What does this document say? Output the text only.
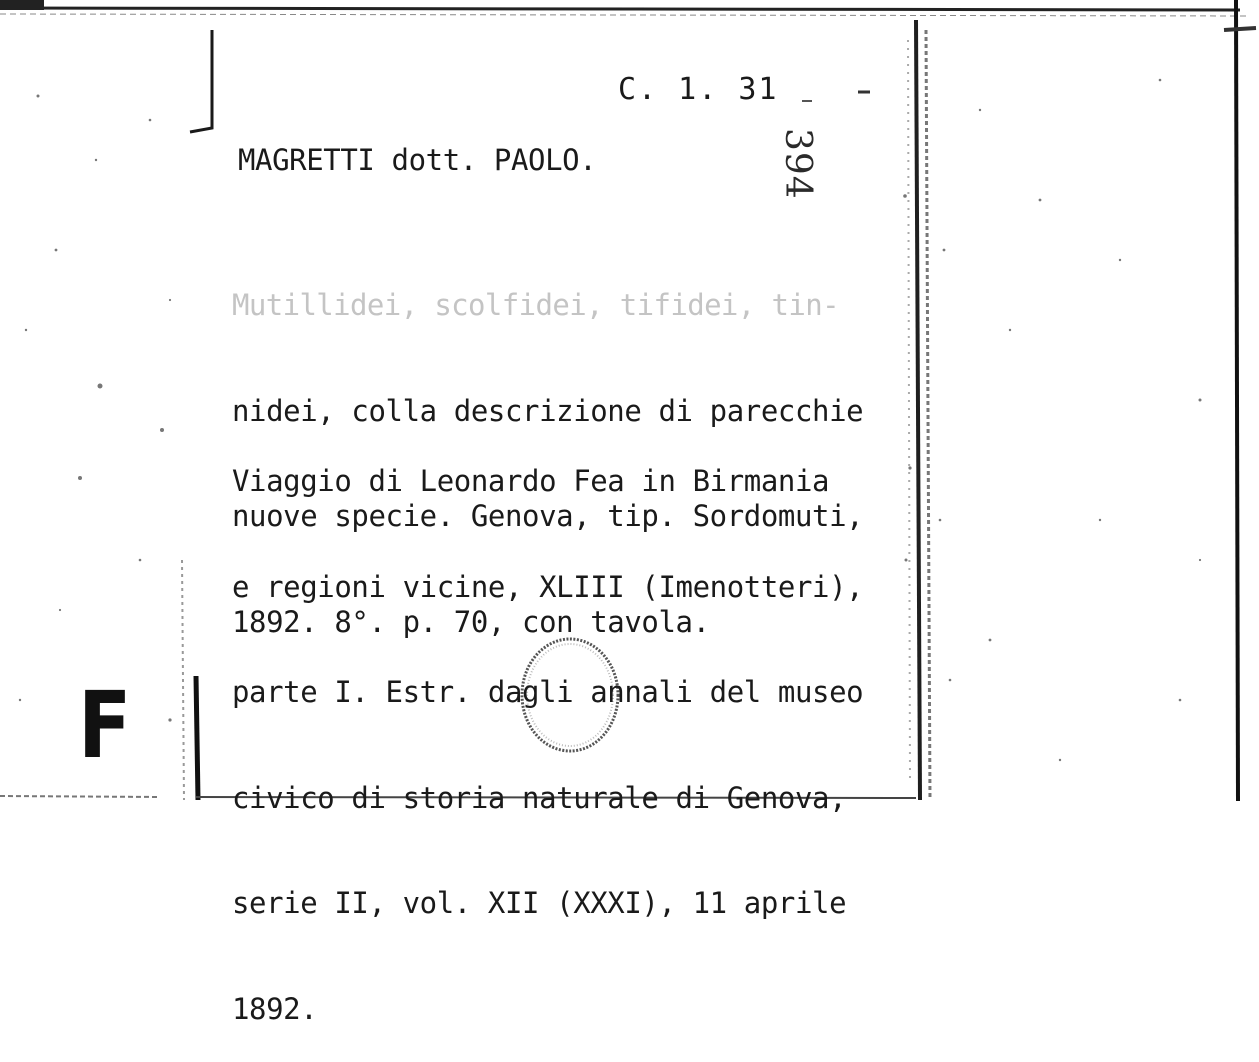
C. 1. 31
394
MAGRETTI dott. PAOLO.

Mutillidei, scolfidei, tifidei, tin-

nidei, colla descrizione di parecchie

nuove specie. Genova, tip. Sordomuti,

1892. 8°. p. 70, con tavola.

Viaggio di Leonardo Fea in Birmania

e regioni vicine, XLIII (Imenotteri),

parte I. Estr. dagli annali del museo

civico di storia naturale di Genova,

serie II, vol. XII (XXXI), 11 aprile

1892.

F
